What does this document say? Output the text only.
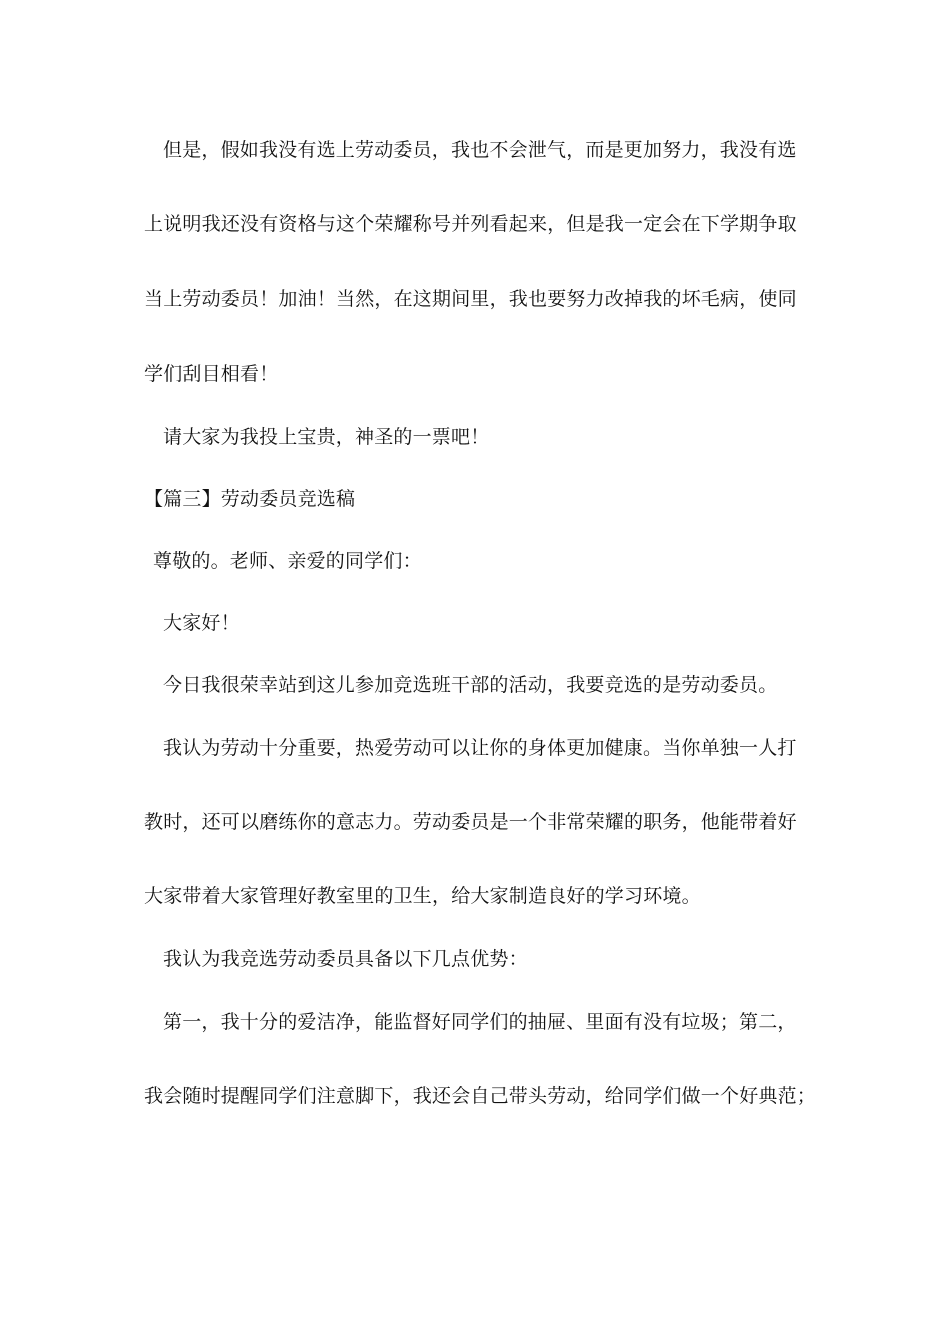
但是，假如我没有选上劳动委员，我也不会泄气，而是更加努力，我没有选
上说明我还没有资格与这个荣耀称号并列看起来，但是我一定会在下学期争取
当上劳动委员！加油！当然，在这期间里，我也要努力改掉我的坏毛病，使同
学们刮目相看！
请大家为我投上宝贵，神圣的一票吧！
【篇三】劳动委员竞选稿
尊敬的。老师、亲爱的同学们：
大家好！
今日我很荣幸站到这儿参加竞选班干部的活动，我要竞选的是劳动委员。
我认为劳动十分重要，热爱劳动可以让你的身体更加健康。当你单独一人打
教时，还可以磨练你的意志力。劳动委员是一个非常荣耀的职务，他能带着好
大家带着大家管理好教室里的卫生，给大家制造良好的学习环境。
我认为我竞选劳动委员具备以下几点优势：
第一，我十分的爱洁净，能监督好同学们的抽屉、里面有没有垃圾；第二，
我会随时提醒同学们注意脚下，我还会自己带头劳动，给同学们做一个好典范；
